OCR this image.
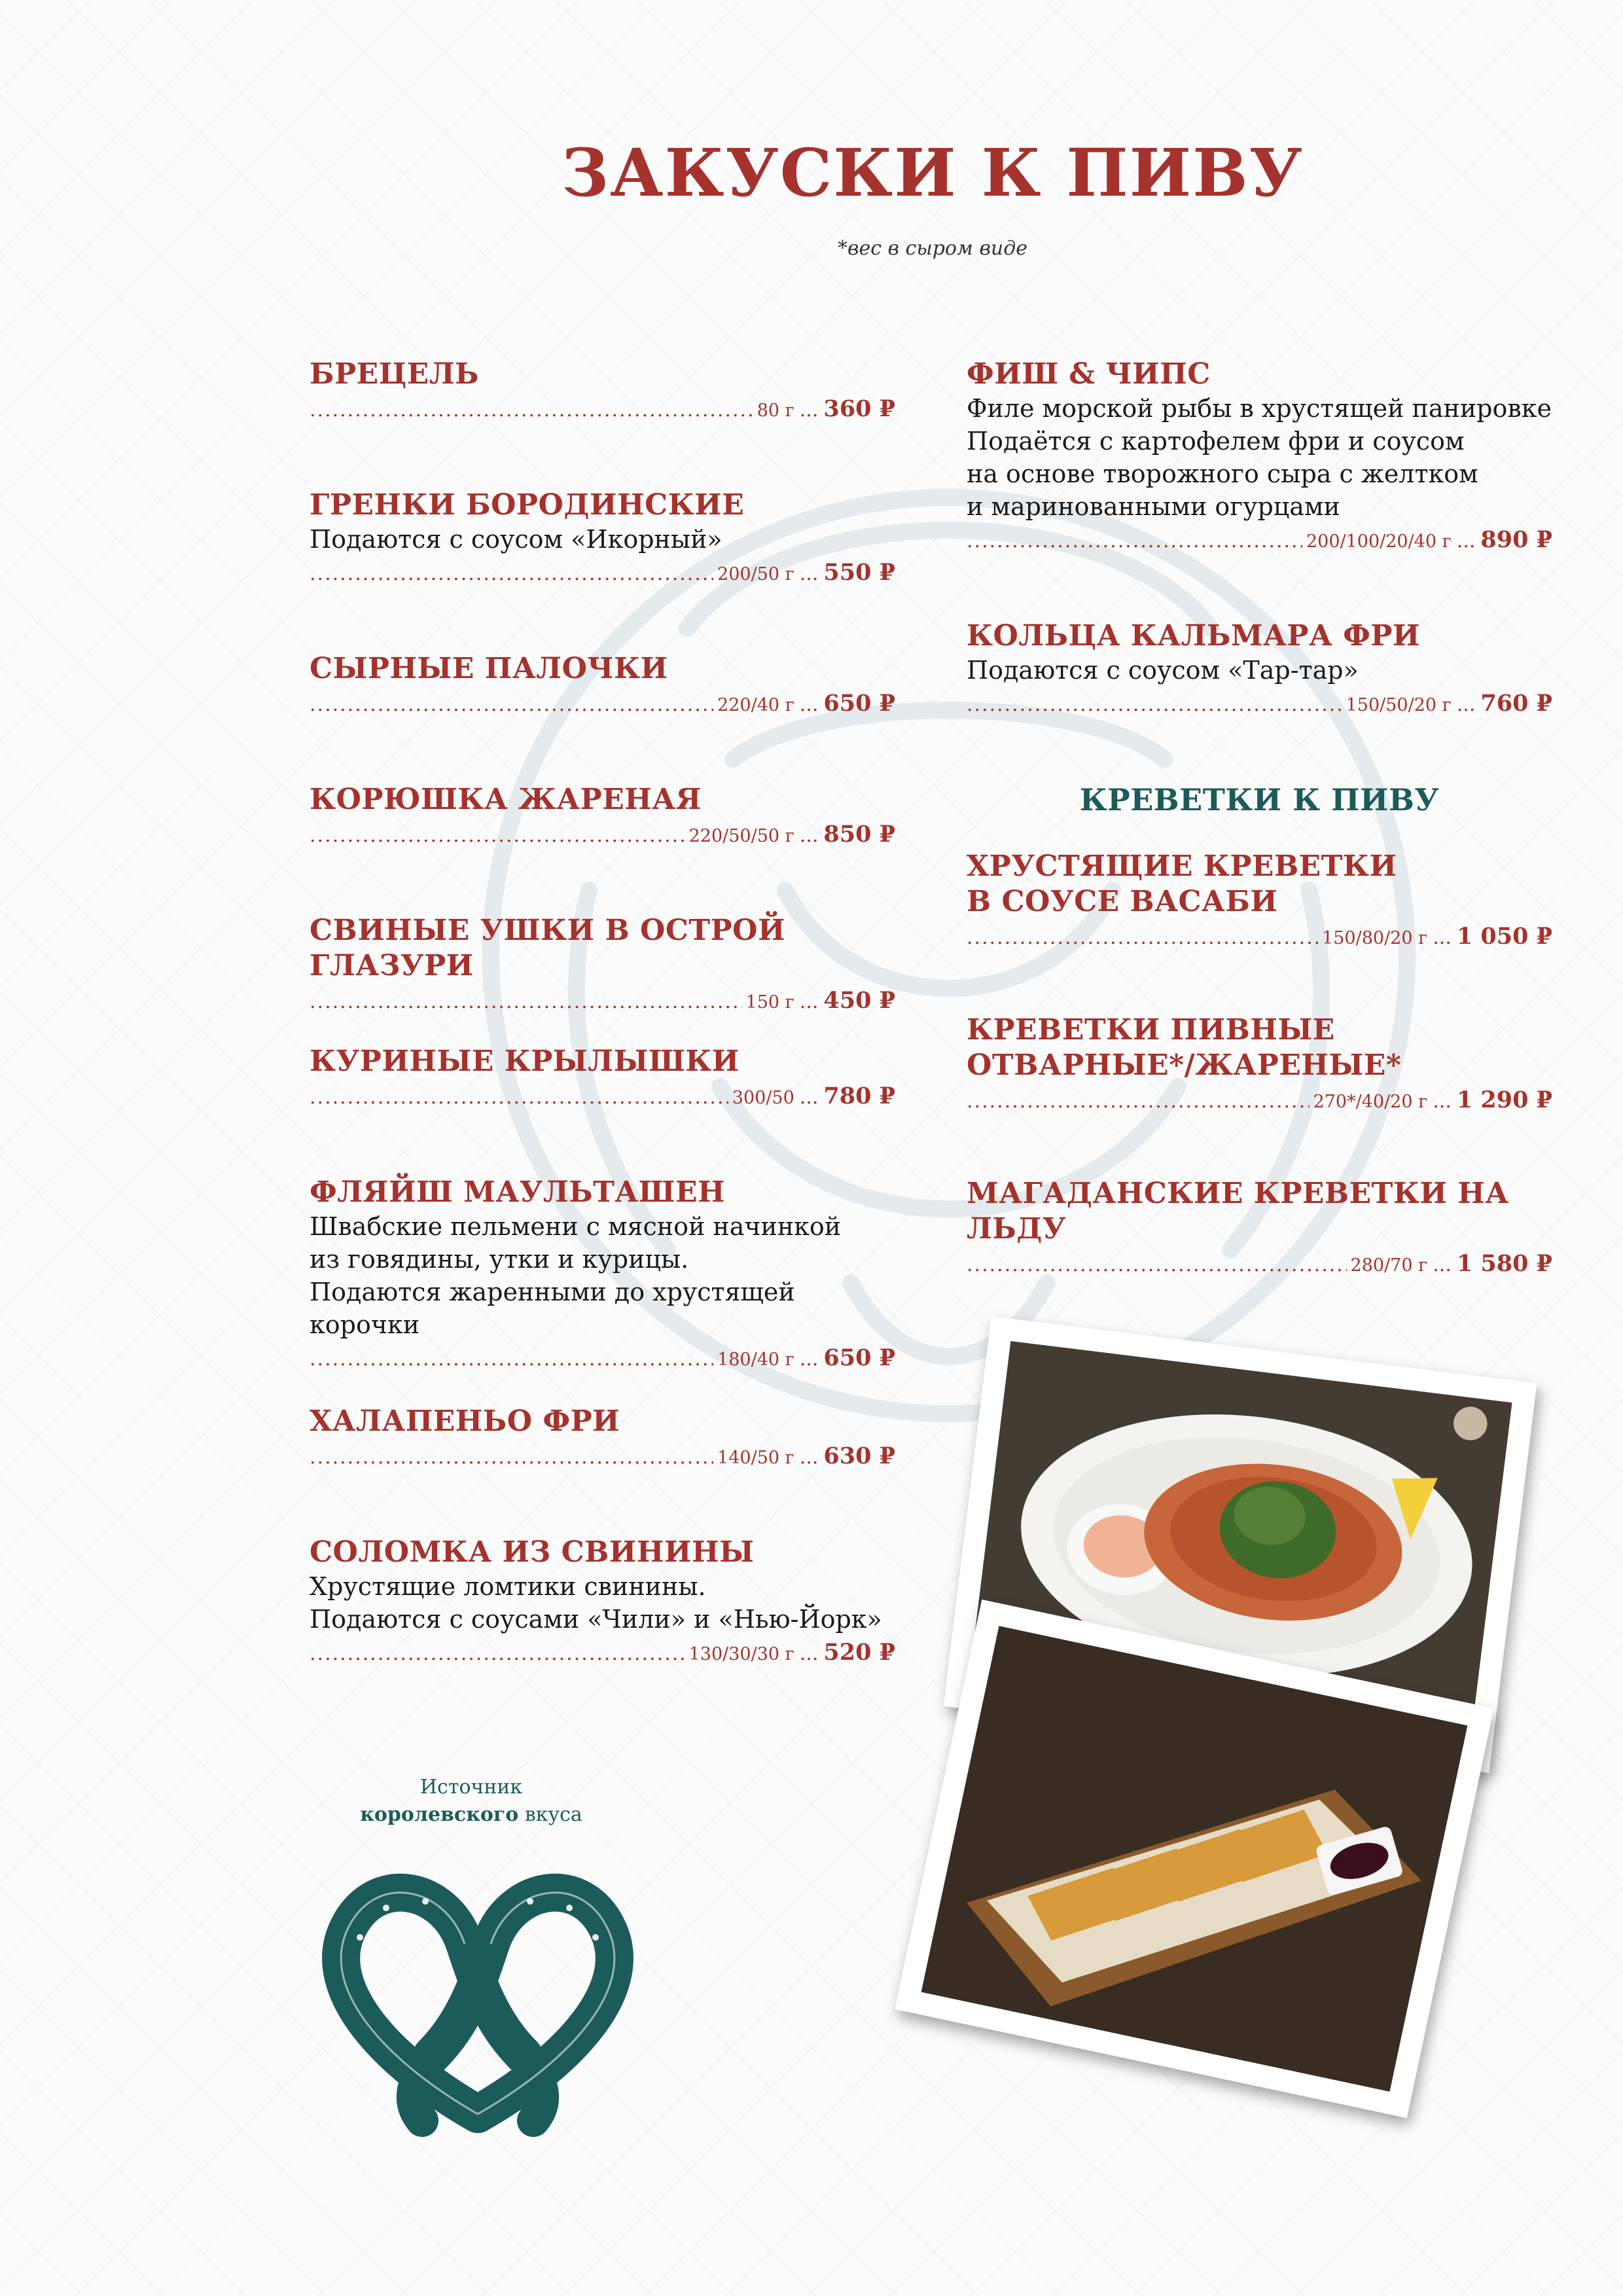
ЗАКУСКИ К ПИВУ
*вес в сыром виде
БРЕЦЕЛЬ
.....
80 г ... 360 ₽
ГРЕНКИ БОРОДИНСКИЕ
Подаются с соусом «Икорный»
.....
200/50 г ... 550 ₽
СЫРНЫЕ ПАЛОЧКИ
.....
220/40 г ... 650 ₽
КОРЮШКА ЖАРЕНАЯ
.....
220/50/50 г ... 850 ₽
СВИНЫЕ УШКИ В ОСТРОЙ ГЛАЗУРИ
.....
150 г ... 450 ₽
КУРИНЫЕ КРЫЛЫШКИ
.....
300/50 ... 780 ₽
ФЛЯЙШ МАУЛЬТАШЕН
Швабские пельмени с мясной начинкой
из говядины, утки и курицы.
Подаются жаренными до хрустящей корочки
.....
180/40 г ... 650 ₽
ХАЛАПЕНЬО ФРИ
.....
140/50 г ... 630 ₽
СОЛОМКА ИЗ СВИНИНЫ
Хрустящие ломтики свинины.
Подаются с соусами «Чили» и «Нью-Йорк»
.....
130/30/30 г ... 520 ₽
ФИШ & ЧИПС
Филе морской рыбы в хрустящей панировке
Подаётся с картофелем фри и соусом
на основе творожного сыра с желтком
и маринованными огурцами
.....
200/100/20/40 г ... 890 ₽
КОЛЬЦА КАЛЬМАРА ФРИ
Подаются с соусом «Тар-тар»
.....
150/50/20 г ... 760 ₽
КРЕВЕТКИ К ПИВУ
ХРУСТЯЩИЕ КРЕВЕТКИ
В СОУСЕ ВАСАБИ
.....
150/80/20 г ... 1 050 ₽
КРЕВЕТКИ ПИВНЫЕ
ОТВАРНЫЕ*/ЖАРЕНЫЕ*
.....
270*/40/20 г ... 1 290 ₽
МАГАДАНСКИЕ КРЕВЕТКИ НА ЛЬДУ
.....
280/70 г ... 1 580 ₽
Источник
королевского вкуса
